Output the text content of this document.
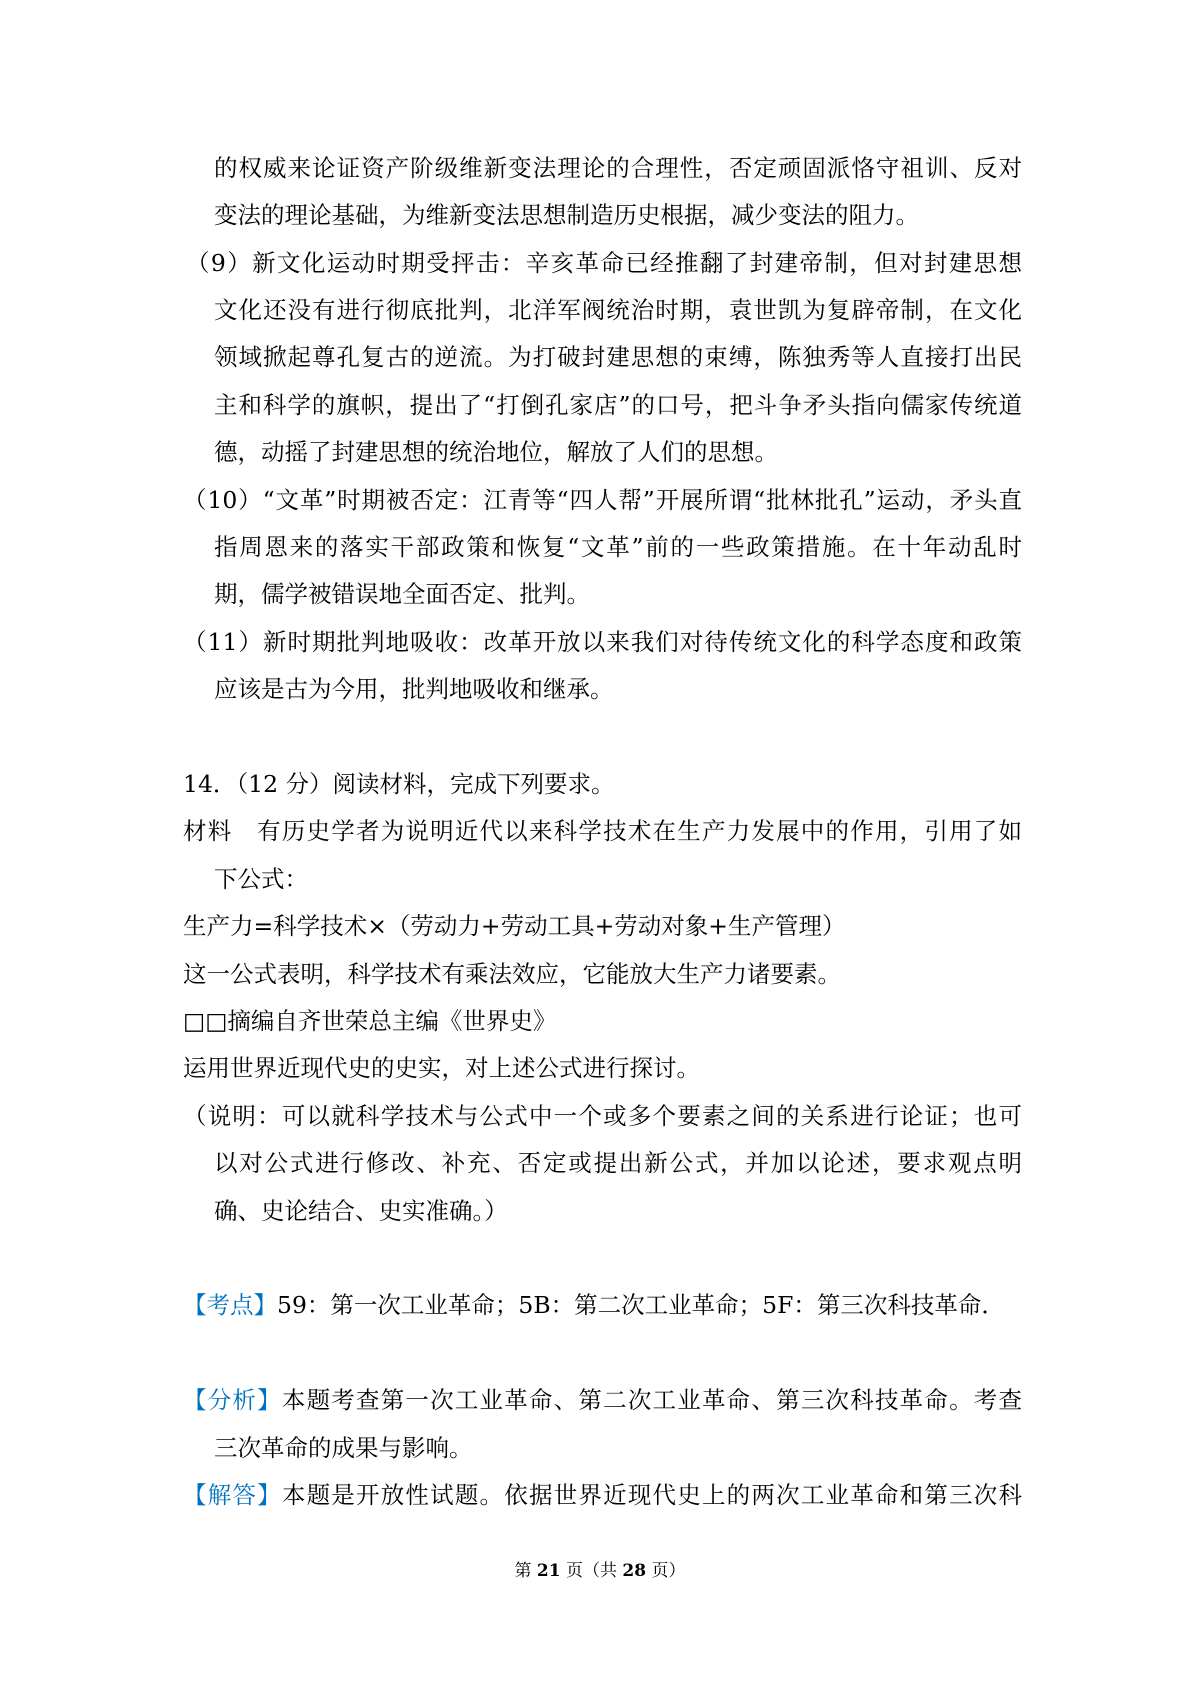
的权威来论证资产阶级维新变法理论的合理性，否定顽固派恪守祖训、反对
变法的理论基础，为维新变法思想制造历史根据，减少变法的阻力。
（9）新文化运动时期受抨击：辛亥革命已经推翻了封建帝制，但对封建思想
文化还没有进行彻底批判，北洋军阀统治时期，袁世凯为复辟帝制，在文化
领域掀起尊孔复古的逆流。为打破封建思想的束缚，陈独秀等人直接打出民
主和科学的旗帜，提出了“打倒孔家店”的口号，把斗争矛头指向儒家传统道
德，动摇了封建思想的统治地位，解放了人们的思想。
（10）“文革”时期被否定：江青等“四人帮”开展所谓“批林批孔”运动，矛头直
指周恩来的落实干部政策和恢复“文革”前的一些政策措施。在十年动乱时
期，儒学被错误地全面否定、批判。
（11）新时期批判地吸收：改革开放以来我们对待传统文化的科学态度和政策
应该是古为今用，批判地吸收和继承。
14．（12 分）阅读材料，完成下列要求。
材料　有历史学者为说明近代以来科学技术在生产力发展中的作用，引用了如
下公式：
生产力=科学技术×（劳动力+劳动工具+劳动对象+生产管理）
这一公式表明，科学技术有乘法效应，它能放大生产力诸要素。
□□摘编自齐世荣总主编《世界史》
运用世界近现代史的史实，对上述公式进行探讨。
（说明：可以就科学技术与公式中一个或多个要素之间的关系进行论证；也可
以对公式进行修改、补充、否定或提出新公式，并加以论述，要求观点明
确、史论结合、史实准确。）
【考点】59：第一次工业革命；5B：第二次工业革命；5F：第三次科技革命．
【分析】本题考查第一次工业革命、第二次工业革命、第三次科技革命。考查
三次革命的成果与影响。
【解答】本题是开放性试题。依据世界近现代史上的两次工业革命和第三次科
第 21 页（共 28 页）
